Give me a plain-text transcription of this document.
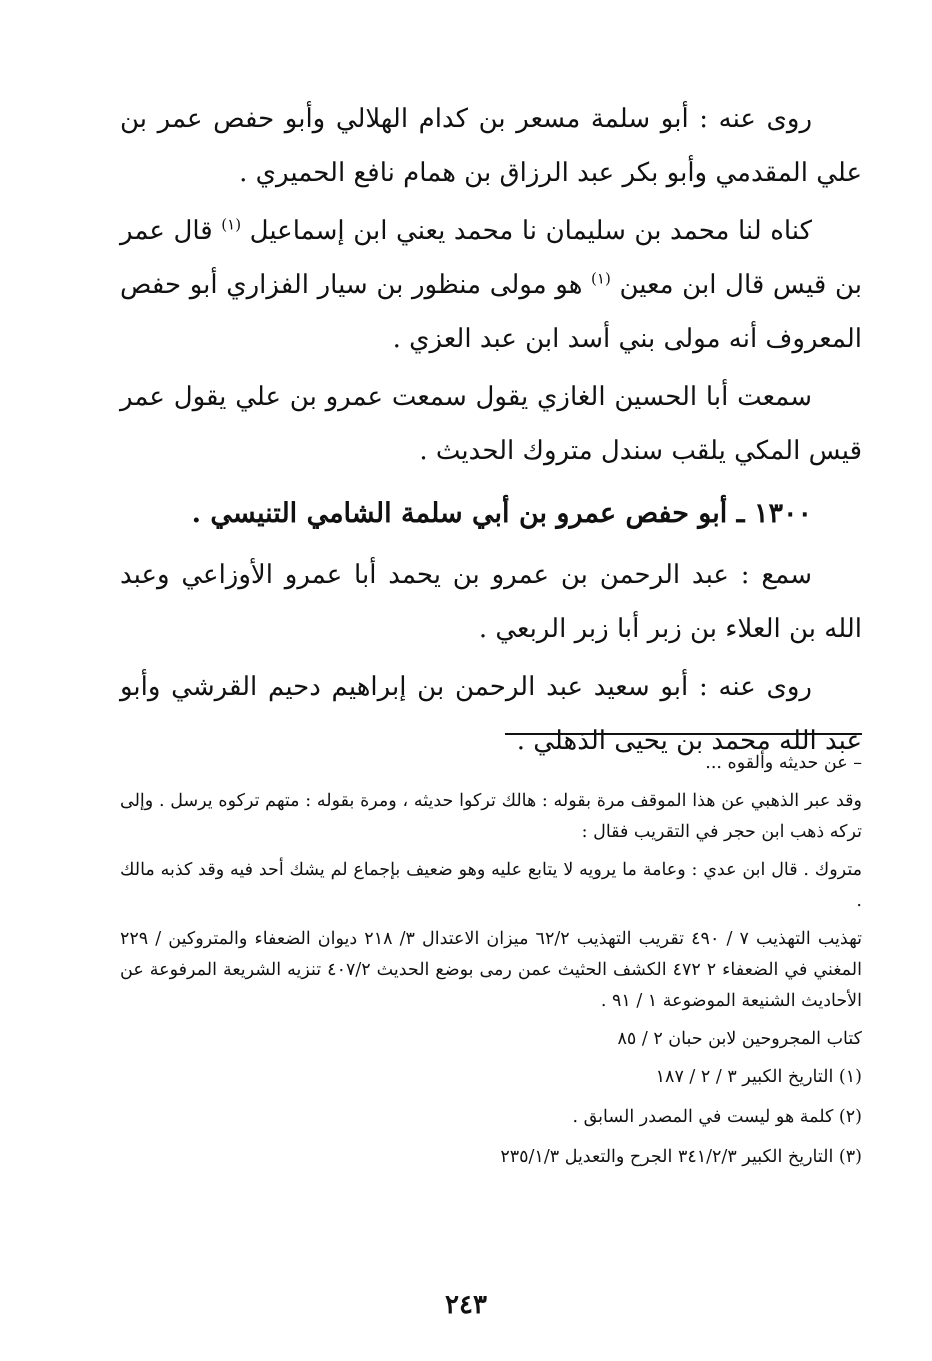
روى عنه : أبو سلمة مسعر بن كدام الهلالي وأبو حفص عمر بن علي المقدمي وأبو بكر عبد الرزاق بن همام نافع الحميري .

كناه لنا محمد بن سليمان نا محمد يعني ابن إسماعيل $^{(١)}$ قال عمر بن قيس قال ابن معين $^{(١)}$ هو مولى منظور بن سيار الفزاري أبو حفص المعروف أنه مولى بني أسد ابن عبد العزي .

سمعت أبا الحسين الغازي يقول سمعت عمرو بن علي يقول عمر قيس المكي يلقب سندل متروك الحديث .

١٣٠٠ ـ أبو حفص عمرو بن أبي سلمة الشامي التنيسي .

سمع : عبد الرحمن بن عمرو بن يحمد أبا عمرو الأوزاعي وعبد الله بن العلاء بن زبر أبا زبر الربعي .

روى عنه : أبو سعيد عبد الرحمن بن إبراهيم دحيم القرشي وأبو عبد الله محمد بن يحيى الذهلي .

– عن حديثه وألقوه ...

وقد عبر الذهبي عن هذا الموقف مرة بقوله : هالك تركوا حديثه ، ومرة بقوله : متهم تركوه يرسل . وإلى تركه ذهب ابن حجر في التقريب فقال :

متروك . قال ابن عدي : وعامة ما يرويه لا يتابع عليه وهو ضعيف بإجماع لم يشك أحد فيه وقد كذبه مالك .

تهذيب التهذيب ٧ / ٤٩٠ تقريب التهذيب ٦٢/٢ ميزان الاعتدال ٣/ ٢١٨ ديوان الضعفاء والمتروكين / ٢٢٩ المغني في الضعفاء ٢ ٤٧٢ الكشف الحثيث عمن رمى بوضع الحديث ٤٠٧/٢ تنزيه الشريعة المرفوعة عن الأحاديث الشنيعة الموضوعة ١ / ٩١ .

كتاب المجروحين لابن حبان ٢ / ٨٥

(١) التاريخ الكبير ٣ / ٢ / ١٨٧

(٢) كلمة هو ليست في المصدر السابق .

(٣) التاريخ الكبير ٣٤١/٢/٣ الجرح والتعديل ٢٣٥/١/٣

٢٤٣
